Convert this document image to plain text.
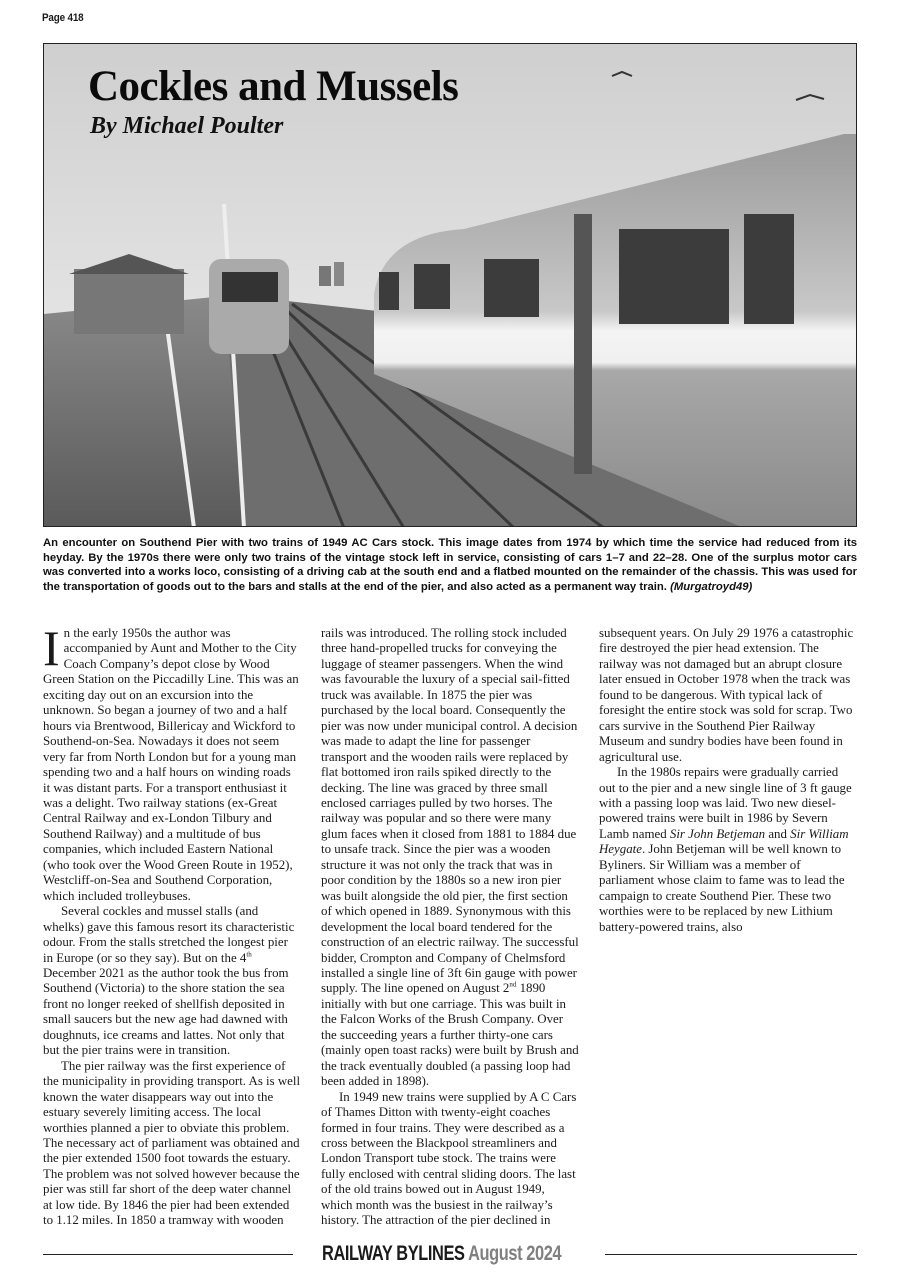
Page 418
Cockles and Mussels
By Michael Poulter
An encounter on Southend Pier with two trains of 1949 AC Cars stock. This image dates from 1974 by which time the service had reduced from its heyday. By the 1970s there were only two trains of the vintage stock left in service, consisting of cars 1–7 and 22–28. One of the surplus motor cars was converted into a works loco, consisting of a driving cab at the south end and a flatbed mounted on the remainder of the chassis. This was used for the transportation of goods out to the bars and stalls at the end of the pier, and also acted as a permanent way train. (Murgatroyd49)

In the early 1950s the author was accompanied by Aunt and Mother to the City Coach Company’s depot close by Wood Green Station on the Piccadilly Line. This was an exciting day out on an excursion into the unknown. So began a journey of two and a half hours via Brentwood, Billericay and Wickford to Southend-on-Sea. Nowadays it does not seem very far from North London but for a young man spending two and a half hours on winding roads it was distant parts. For a transport enthusiast it was a delight. Two railway stations (ex-Great Central Railway and ex-London Tilbury and Southend Railway) and a multitude of bus companies, which included Eastern National (who took over the Wood Green Route in 1952), Westcliff-on-Sea and Southend Corporation, which included trolleybuses.

Several cockles and mussel stalls (and whelks) gave this famous resort its characteristic odour. From the stalls stretched the longest pier in Europe (or so they say). But on the 4th December 2021 as the author took the bus from Southend (Victoria) to the shore station the sea front no longer reeked of shellfish deposited in small saucers but the new age had dawned with doughnuts, ice creams and lattes. Not only that but the pier trains were in transition.

The pier railway was the first experience of the municipality in providing transport. As is well known the water disappears way out into the estuary severely limiting access. The local worthies planned a pier to obviate this problem. The necessary act of parliament was obtained and the pier extended 1500 foot towards the estuary. The problem was not solved however because the pier was still far short of the deep water channel at low tide. By 1846 the pier had been extended to 1.12 miles. In 1850 a tramway with wooden rails was introduced. The rolling stock included three hand-propelled trucks for conveying the luggage of steamer passengers. When the wind was favourable the luxury of a special sail-fitted truck was available. In 1875 the pier was purchased by the local board. Consequently the pier was now under municipal control. A decision was made to adapt the line for passenger transport and the wooden rails were replaced by flat bottomed iron rails spiked directly to the decking. The line was graced by three small enclosed carriages pulled by two horses. The railway was popular and so there were many glum faces when it closed from 1881 to 1884 due to unsafe track. Since the pier was a wooden structure it was not only the track that was in poor condition by the 1880s so a new iron pier was built alongside the old pier, the first section of which opened in 1889. Synonymous with this development the local board tendered for the construction of an electric railway. The successful bidder, Crompton and Company of Chelmsford installed a single line of 3ft 6in gauge with power supply. The line opened on August 2nd 1890 initially with but one carriage. This was built in the Falcon Works of the Brush Company. Over the succeeding years a further thirty-one cars (mainly open toast racks) were built by Brush and the track eventually doubled (a passing loop had been added in 1898).

In 1949 new trains were supplied by A C Cars of Thames Ditton with twenty-eight coaches formed in four trains. They were described as a cross between the Blackpool streamliners and London Transport tube stock. The trains were fully enclosed with central sliding doors. The last of the old trains bowed out in August 1949, which month was the busiest in the railway’s history. The attraction of the pier declined in subsequent years. On July 29 1976 a catastrophic fire destroyed the pier head extension. The railway was not damaged but an abrupt closure later ensued in October 1978 when the track was found to be dangerous. With typical lack of foresight the entire stock was sold for scrap. Two cars survive in the Southend Pier Railway Museum and sundry bodies have been found in agricultural use.

In the 1980s repairs were gradually carried out to the pier and a new single line of 3 ft gauge with a passing loop was laid. Two new diesel-powered trains were built in 1986 by Severn Lamb named Sir John Betjeman and Sir William Heygate. John Betjeman will be well known to Byliners. Sir William was a member of parliament whose claim to fame was to lead the campaign to create Southend Pier. These two worthies were to be replaced by new Lithium battery-powered trains, also

RAILWAY BYLINES August 2024
